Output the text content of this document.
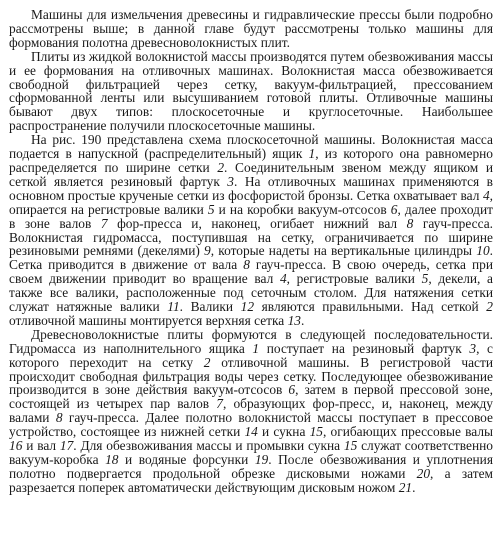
Машины для измельчения древесины и гидравлические прессы были подробно рассмотрены выше; в данной главе будут рассмотрены только машины для формования полотна древесноволокнистых плит.

Плиты из жидкой волокнистой массы производятся путем обезвоживания массы и ее формования на отливочных машинах. Волокнистая масса обезвоживается свободной фильтрацией через сетку, вакуум-фильтрацией, прессованием сформованной ленты или высушиванием готовой плиты. Отливочные машины бывают двух типов: плоскосеточные и круглосеточные. Наибольшее распространение получили плоскосеточные машины.

На рис. 190 представлена схема плоскосеточной машины. Волокнистая масса подается в напускной (распределительный) ящик 1, из которого она равномерно распределяется по ширине сетки 2. Соединительным звеном между ящиком и сеткой является резиновый фартук 3. На отливочных машинах применяются в основном простые крученые сетки из фосфористой бронзы. Сетка охватывает вал 4, опирается на регистровые валики 5 и на коробки вакуум-отсосов 6, далее проходит в зоне валов 7 фор-пресса и, наконец, огибает нижний вал 8 гауч-пресса. Волокнистая гидромасса, поступившая на сетку, ограничивается по ширине резиновыми ремнями (декелями) 9, которые надеты на вертикальные цилиндры 10. Сетка приводится в движение от вала 8 гауч-пресса. В свою очередь, сетка при своем движении приводит во вращение вал 4, регистровые валики 5, декели, а также все валики, расположенные под сеточным столом. Для натяжения сетки служат натяжные валики 11. Валики 12 являются правильными. Над сеткой 2 отливочной машины монтируется верхняя сетка 13.

Древесноволокнистые плиты формуются в следующей последовательности. Гидромасса из наполнительного ящика 1 поступает на резиновый фартук 3, с которого переходит на сетку 2 отливочной машины. В регистровой части происходит свободная фильтрация воды через сетку. Последующее обезвоживание производится в зоне действия вакуум-отсосов 6, затем в первой прессовой зоне, состоящей из четырех пар валов 7, образующих фор-пресс, и, наконец, между валами 8 гауч-пресса. Далее полотно волокнистой массы поступает в прессовое устройство, состоящее из нижней сетки 14 и сукна 15, огибающих прессовые валы 16 и вал 17. Для обезвоживания массы и промывки сукна 15 служат соответственно вакуум-коробка 18 и водяные форсунки 19. После обезвоживания и уплотнения полотно подвергается продольной обрезке дисковыми ножами 20, а затем разрезается поперек автоматически действующим дисковым ножом 21.
